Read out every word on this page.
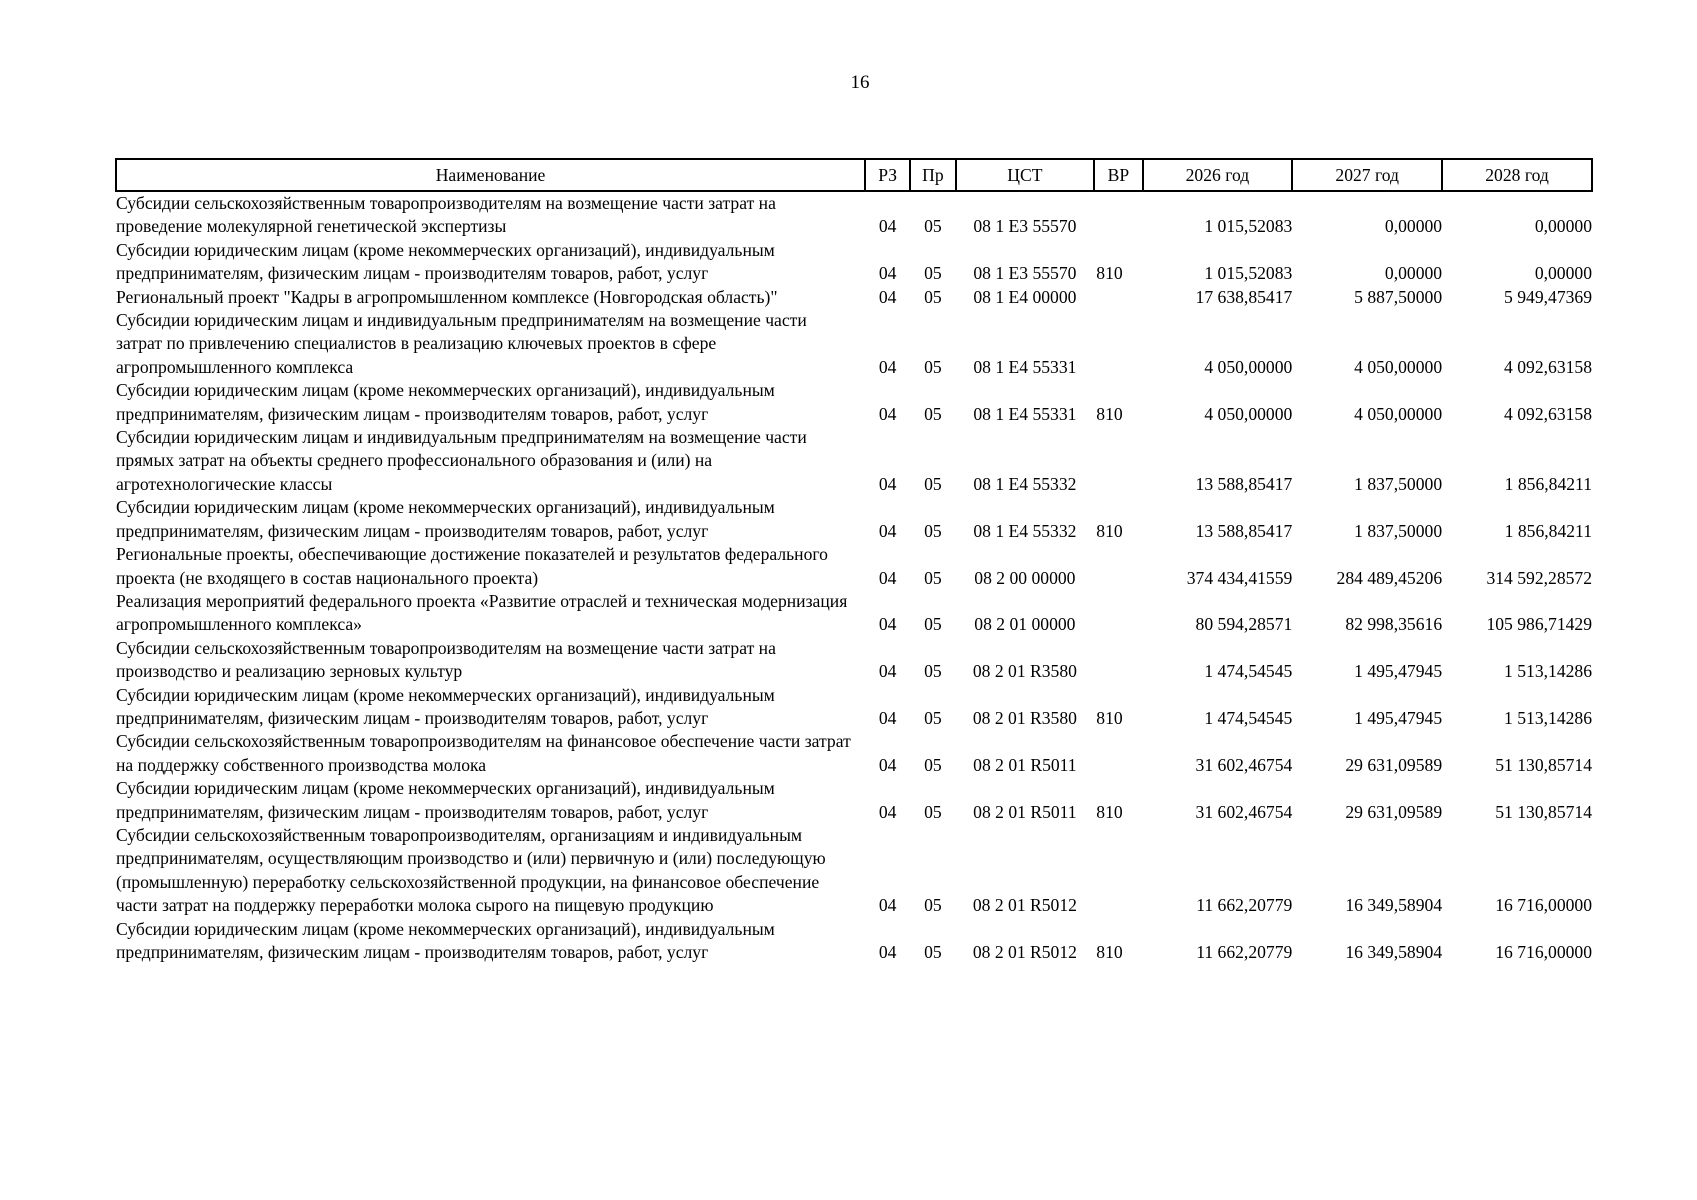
16
Наименование	РЗ	Пр	ЦСТ	ВР	2026 год	2027 год	2028 год
Субсидии сельскохозяйственным товаропроизводителям на возмещение части затрат на проведение молекулярной генетической экспертизы	04	05	08 1 E3 55570		1 015,52083	0,00000	0,00000
Субсидии юридическим лицам (кроме некоммерческих организаций), индивидуальным предпринимателям, физическим лицам - производителям товаров, работ, услуг	04	05	08 1 E3 55570	810	1 015,52083	0,00000	0,00000
Региональный проект "Кадры в агропромышленном комплексе (Новгородская область)"	04	05	08 1 E4 00000		17 638,85417	5 887,50000	5 949,47369
Субсидии юридическим лицам и индивидуальным предпринимателям на возмещение части затрат по привлечению специалистов в реализацию ключевых проектов в сфере агропромышленного комплекса	04	05	08 1 E4 55331		4 050,00000	4 050,00000	4 092,63158
Субсидии юридическим лицам (кроме некоммерческих организаций), индивидуальным предпринимателям, физическим лицам - производителям товаров, работ, услуг	04	05	08 1 E4 55331	810	4 050,00000	4 050,00000	4 092,63158
Субсидии юридическим лицам и индивидуальным предпринимателям на возмещение части прямых затрат на объекты среднего профессионального образования и (или) на агротехнологические классы	04	05	08 1 E4 55332		13 588,85417	1 837,50000	1 856,84211
Субсидии юридическим лицам (кроме некоммерческих организаций), индивидуальным предпринимателям, физическим лицам - производителям товаров, работ, услуг	04	05	08 1 E4 55332	810	13 588,85417	1 837,50000	1 856,84211
Региональные проекты, обеспечивающие достижение показателей и результатов федерального проекта (не входящего в состав национального проекта)	04	05	08 2 00 00000		374 434,41559	284 489,45206	314 592,28572
Реализация мероприятий федерального проекта «Развитие отраслей и техническая модернизация агропромышленного комплекса»	04	05	08 2 01 00000		80 594,28571	82 998,35616	105 986,71429
Субсидии сельскохозяйственным товаропроизводителям на возмещение части затрат на производство и реализацию зерновых культур	04	05	08 2 01 R3580		1 474,54545	1 495,47945	1 513,14286
Субсидии юридическим лицам (кроме некоммерческих организаций), индивидуальным предпринимателям, физическим лицам - производителям товаров, работ, услуг	04	05	08 2 01 R3580	810	1 474,54545	1 495,47945	1 513,14286
Субсидии сельскохозяйственным товаропроизводителям на финансовое обеспечение части затрат на поддержку собственного производства молока	04	05	08 2 01 R5011		31 602,46754	29 631,09589	51 130,85714
Субсидии юридическим лицам (кроме некоммерческих организаций), индивидуальным предпринимателям, физическим лицам - производителям товаров, работ, услуг	04	05	08 2 01 R5011	810	31 602,46754	29 631,09589	51 130,85714
Субсидии сельскохозяйственным товаропроизводителям, организациям и индивидуальным предпринимателям, осуществляющим производство и (или) первичную и (или) последующую (промышленную) переработку сельскохозяйственной продукции, на финансовое обеспечение части затрат на поддержку переработки молока сырого на пищевую продукцию	04	05	08 2 01 R5012		11 662,20779	16 349,58904	16 716,00000
Субсидии юридическим лицам (кроме некоммерческих организаций), индивидуальным предпринимателям, физическим лицам - производителям товаров, работ, услуг	04	05	08 2 01 R5012	810	11 662,20779	16 349,58904	16 716,00000
